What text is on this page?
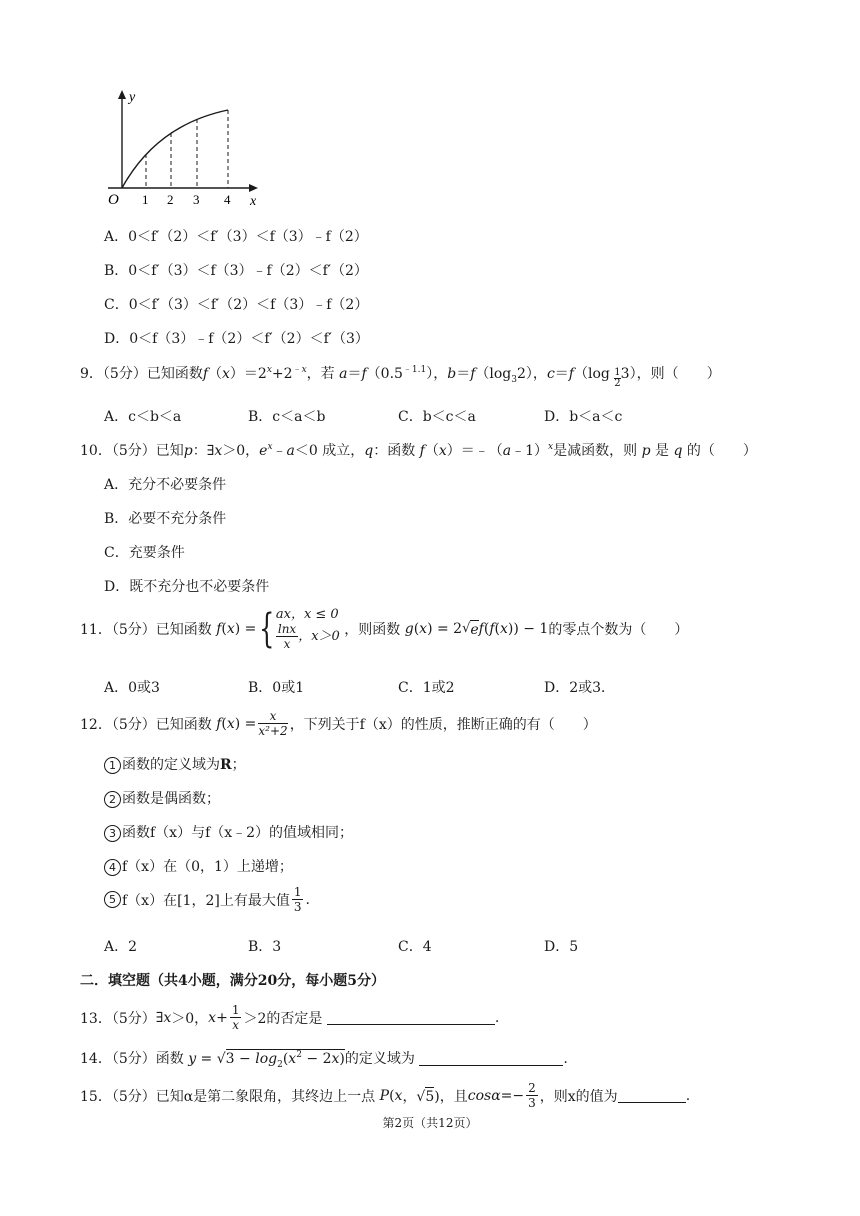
y
x
O 1 2 3 4
A．0＜f′（2）＜f′（3）＜f（3）﹣f（2）
B．0＜f′（3）＜f（3）﹣f（2）＜f′（2）
C．0＜f′（3）＜f′（2）＜f（3）﹣f（2）
D．0＜f（3）﹣f（2）＜f′（2）＜f′（3）
9．（5分）已知函数$f(x)=2^x+2^{﹣x}$，若 $a=f(0.5^{﹣1.1})$，$b=f(\log_32)$，$c=f(\log \frac{1}{2} 3)$，则（　　）
A．c＜b＜a	B．c＜a＜b	C．b＜c＜a	D．b＜a＜c
10．（5分）已知p：∃x＞0，$e^x﹣a<0$ 成立，q：函数 f（x）＝﹣（a﹣1）$^x$是减函数，则 p 是 q 的（　　）
A．充分不必要条件
B．必要不充分条件
C．充要条件
D．既不充分也不必要条件
11．（5分）已知函数
f ( x ) = { ax，x ≤ 0
$\frac{\ln x}{x}$ ，x＞0 ，则函数 g ( x ) = 2 √ e f ( f ( x )) − 1 的零点个数为（　　）
A．0或3	B．0或1	C．1或2	D．2或3．
12．（5分）已知函数
f ( x ) = $\frac{x}{\text{x²+2}}$ ，下列关于f（x）的性质，推断正确的有（　　）
1 函数的定义域为R；
2 函数是偶函数；
3 函数f（x）与f（x﹣2）的值域相同；
4 f（x）在（0，1）上递增；
5 f（x）在[1，2]上有最大值 $\frac{1}{3}$ .
A．2	B．3	C．4	D．5
二．填空题（共4小题，满分20分，每小题5分）
13．（5分） ∃ x ＞0， $x + \frac{1}{x} >2$ 的否定是
	.
14．（5分）函数 $y = √3 - \log_2(x^2 - 2x)$的定义域为	.
15．（5分）已知α是第二象限角，其终边上一点
P ( x ，√ 5 )，且 $\cos\alpha =- \frac{2}{3}$ ，则x的值为	.
第2页（共12页）
